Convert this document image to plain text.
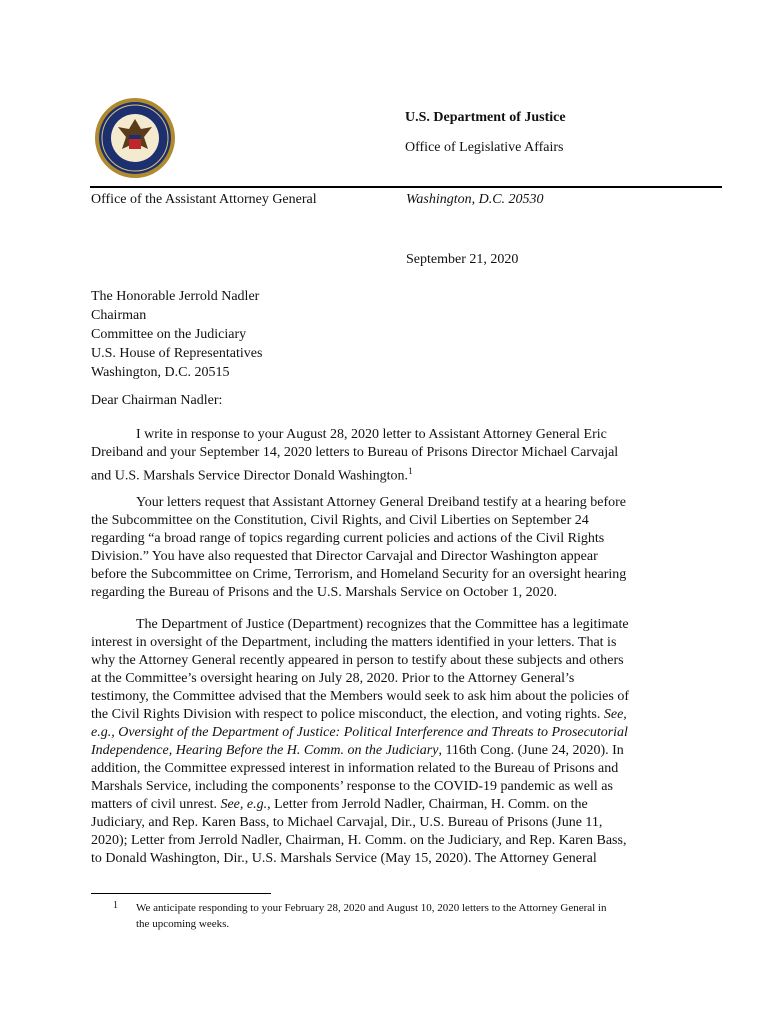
U.S. Department of Justice
Office of Legislative Affairs
Office of the Assistant Attorney General	Washington, D.C. 20530
September 21, 2020
The Honorable Jerrold Nadler
Chairman
Committee on the Judiciary
U.S. House of Representatives
Washington, D.C. 20515
Dear Chairman Nadler:
I write in response to your August 28, 2020 letter to Assistant Attorney General Eric
Dreiband and your September 14, 2020 letters to Bureau of Prisons Director Michael Carvajal
and U.S. Marshals Service Director Donald Washington.$^1$
Your letters request that Assistant Attorney General Dreiband testify at a hearing before
the Subcommittee on the Constitution, Civil Rights, and Civil Liberties on September 24
regarding “a broad range of topics regarding current policies and actions of the Civil Rights
Division.” You have also requested that Director Carvajal and Director Washington appear
before the Subcommittee on Crime, Terrorism, and Homeland Security for an oversight hearing
regarding the Bureau of Prisons and the U.S. Marshals Service on October 1, 2020.
The Department of Justice (Department) recognizes that the Committee has a legitimate
interest in oversight of the Department, including the matters identified in your letters. That is
why the Attorney General recently appeared in person to testify about these subjects and others
at the Committee’s oversight hearing on July 28, 2020. Prior to the Attorney General’s
testimony, the Committee advised that the Members would seek to ask him about the policies of
the Civil Rights Division with respect to police misconduct, the election, and voting rights. See,
e.g., Oversight of the Department of Justice: Political Interference and Threats to Prosecutorial
Independence, Hearing Before the H. Comm. on the Judiciary, 116th Cong. (June 24, 2020). In
addition, the Committee expressed interest in information related to the Bureau of Prisons and
Marshals Service, including the components’ response to the COVID-19 pandemic as well as
matters of civil unrest. See, e.g., Letter from Jerrold Nadler, Chairman, H. Comm. on the
Judiciary, and Rep. Karen Bass, to Michael Carvajal, Dir., U.S. Bureau of Prisons (June 11,
2020); Letter from Jerrold Nadler, Chairman, H. Comm. on the Judiciary, and Rep. Karen Bass,
to Donald Washington, Dir., U.S. Marshals Service (May 15, 2020). The Attorney General
1 We anticipate responding to your February 28, 2020 and August 10, 2020 letters to the Attorney General in
the upcoming weeks.
